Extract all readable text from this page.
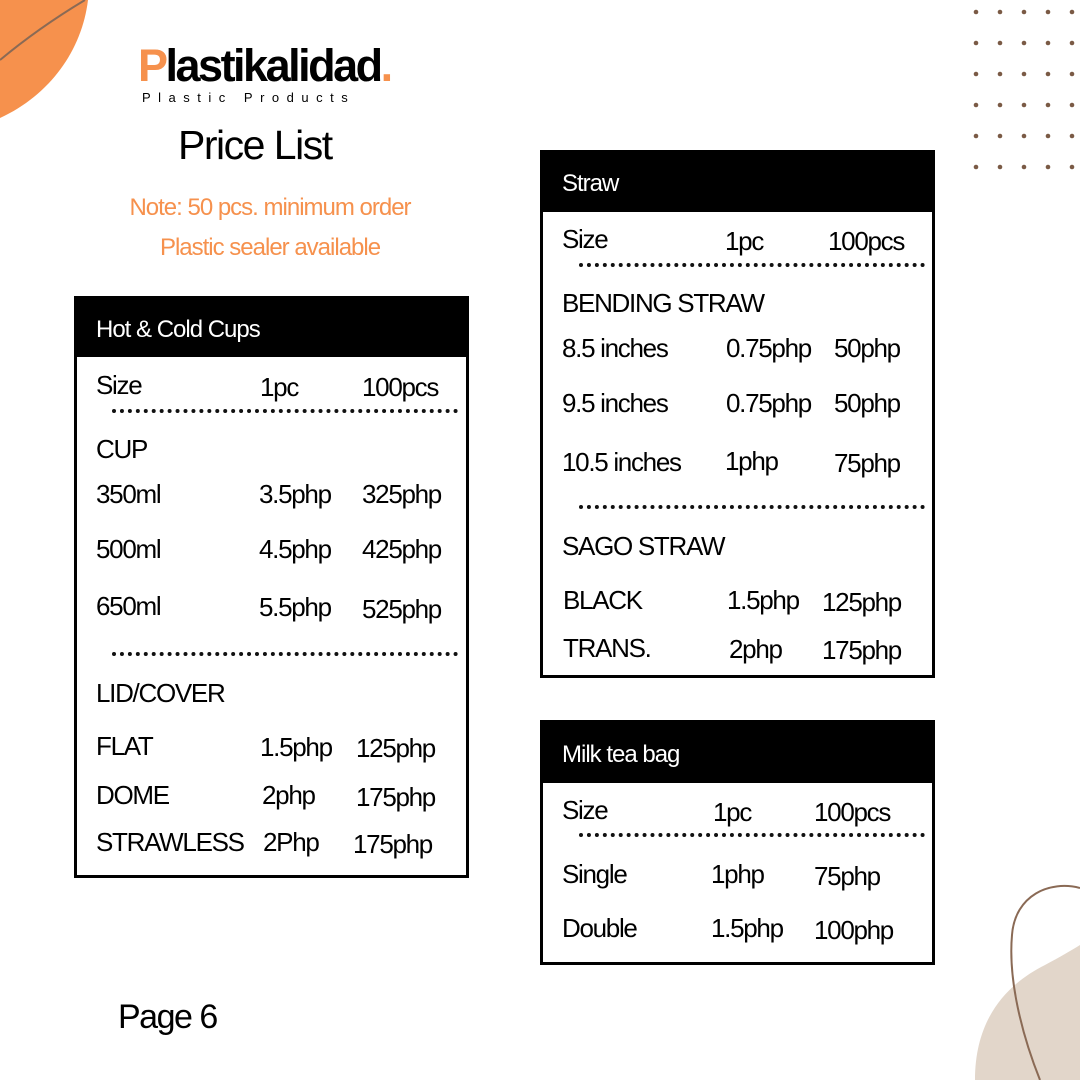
Plastikalidad.
Plastic Products
Price List
Note: 50 pcs. minimum order
Plastic sealer available
Hot & Cold Cups
Size	1pc 100pcs
CUP
350ml	3.5php 325php
500ml	4.5php 425php
650ml	5.5php 525php
LID/COVER
FLAT	1.5php 125php
DOME	2php 175php
STRAWLESS 2Php 175php
Straw
Size	1pc 100pcs
BENDING STRAW
8.5 inches 0.75php 50php
9.5 inches 0.75php 50php
10.5 inches 1php 75php
SAGO STRAW
BLACK	1.5php 125php
TRANS.	2php 175php
Milk tea bag
Size	1pc 100pcs
Single	1php 75php
Double	1.5php 100php
Page 6
